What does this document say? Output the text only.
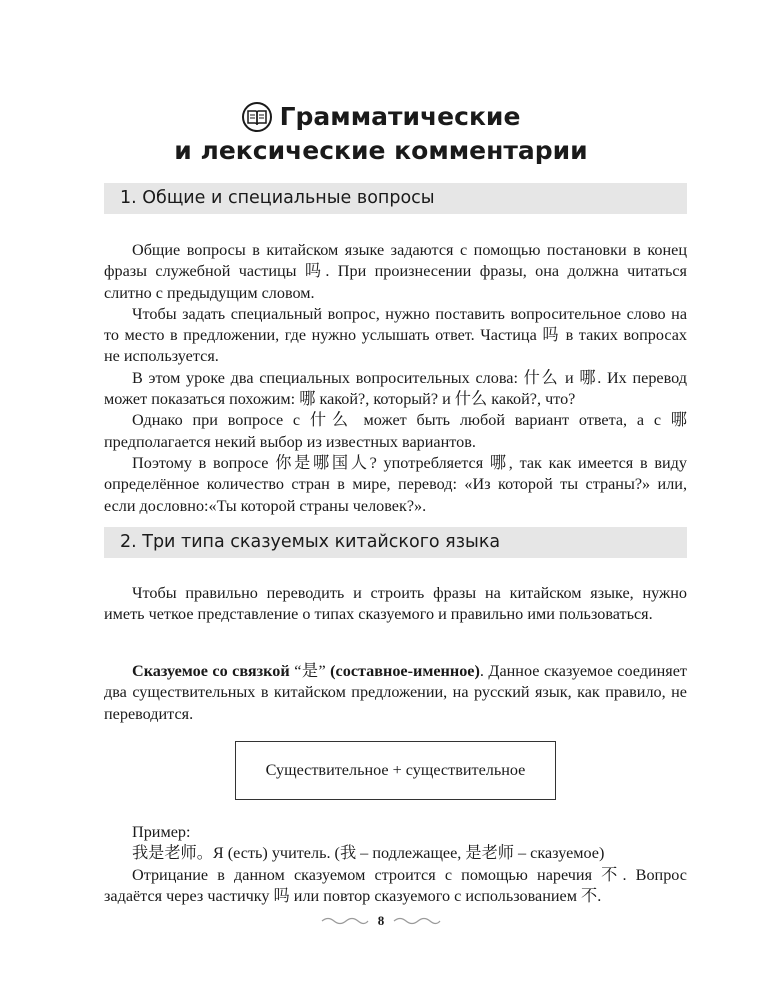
Грамматические
и лексические комментарии
1. Общие и специальные вопросы

Общие вопросы в китайском языке задаются с помощью постановки в конец фразы служебной частицы 吗. При произнесении фразы, она должна читаться слитно с предыдущим словом.

Чтобы задать специальный вопрос, нужно поставить вопросительное слово на то место в предложении, где нужно услышать ответ. Частица 吗 в таких вопросах не используется.

В этом уроке два специальных вопросительных слова: 什么 и 哪. Их перевод может показаться похожим: 哪 какой?, который? и 什么 какой?, что?

Однако при вопросе с 什么 может быть любой вариант ответа, а с 哪 предполагается некий выбор из известных вариантов.

Поэтому в вопросе 你是哪国人? употребляется 哪, так как имеется в виду определённое количество стран в мире, перевод: «Из которой ты страны?» или, если дословно:«Ты которой страны человек?».

2. Три типа сказуемых китайского языка

Чтобы правильно переводить и строить фразы на китайском языке, нужно иметь четкое представление о типах сказуемого и правильно ими пользоваться.

Сказуемое со связкой “是” (составное-именное). Данное сказуемое соединяет два существительных в китайском предложении, на русский язык, как правило, не переводится.

Существительное + существительное

Пример:

我是老师。Я (есть) учитель. (我 – подлежащее, 是老师 – сказуемое)

Отрицание в данном сказуемом строится с помощью наречия 不. Вопрос задаётся через частичку 吗 или повтор сказуемого с использованием 不.

8
